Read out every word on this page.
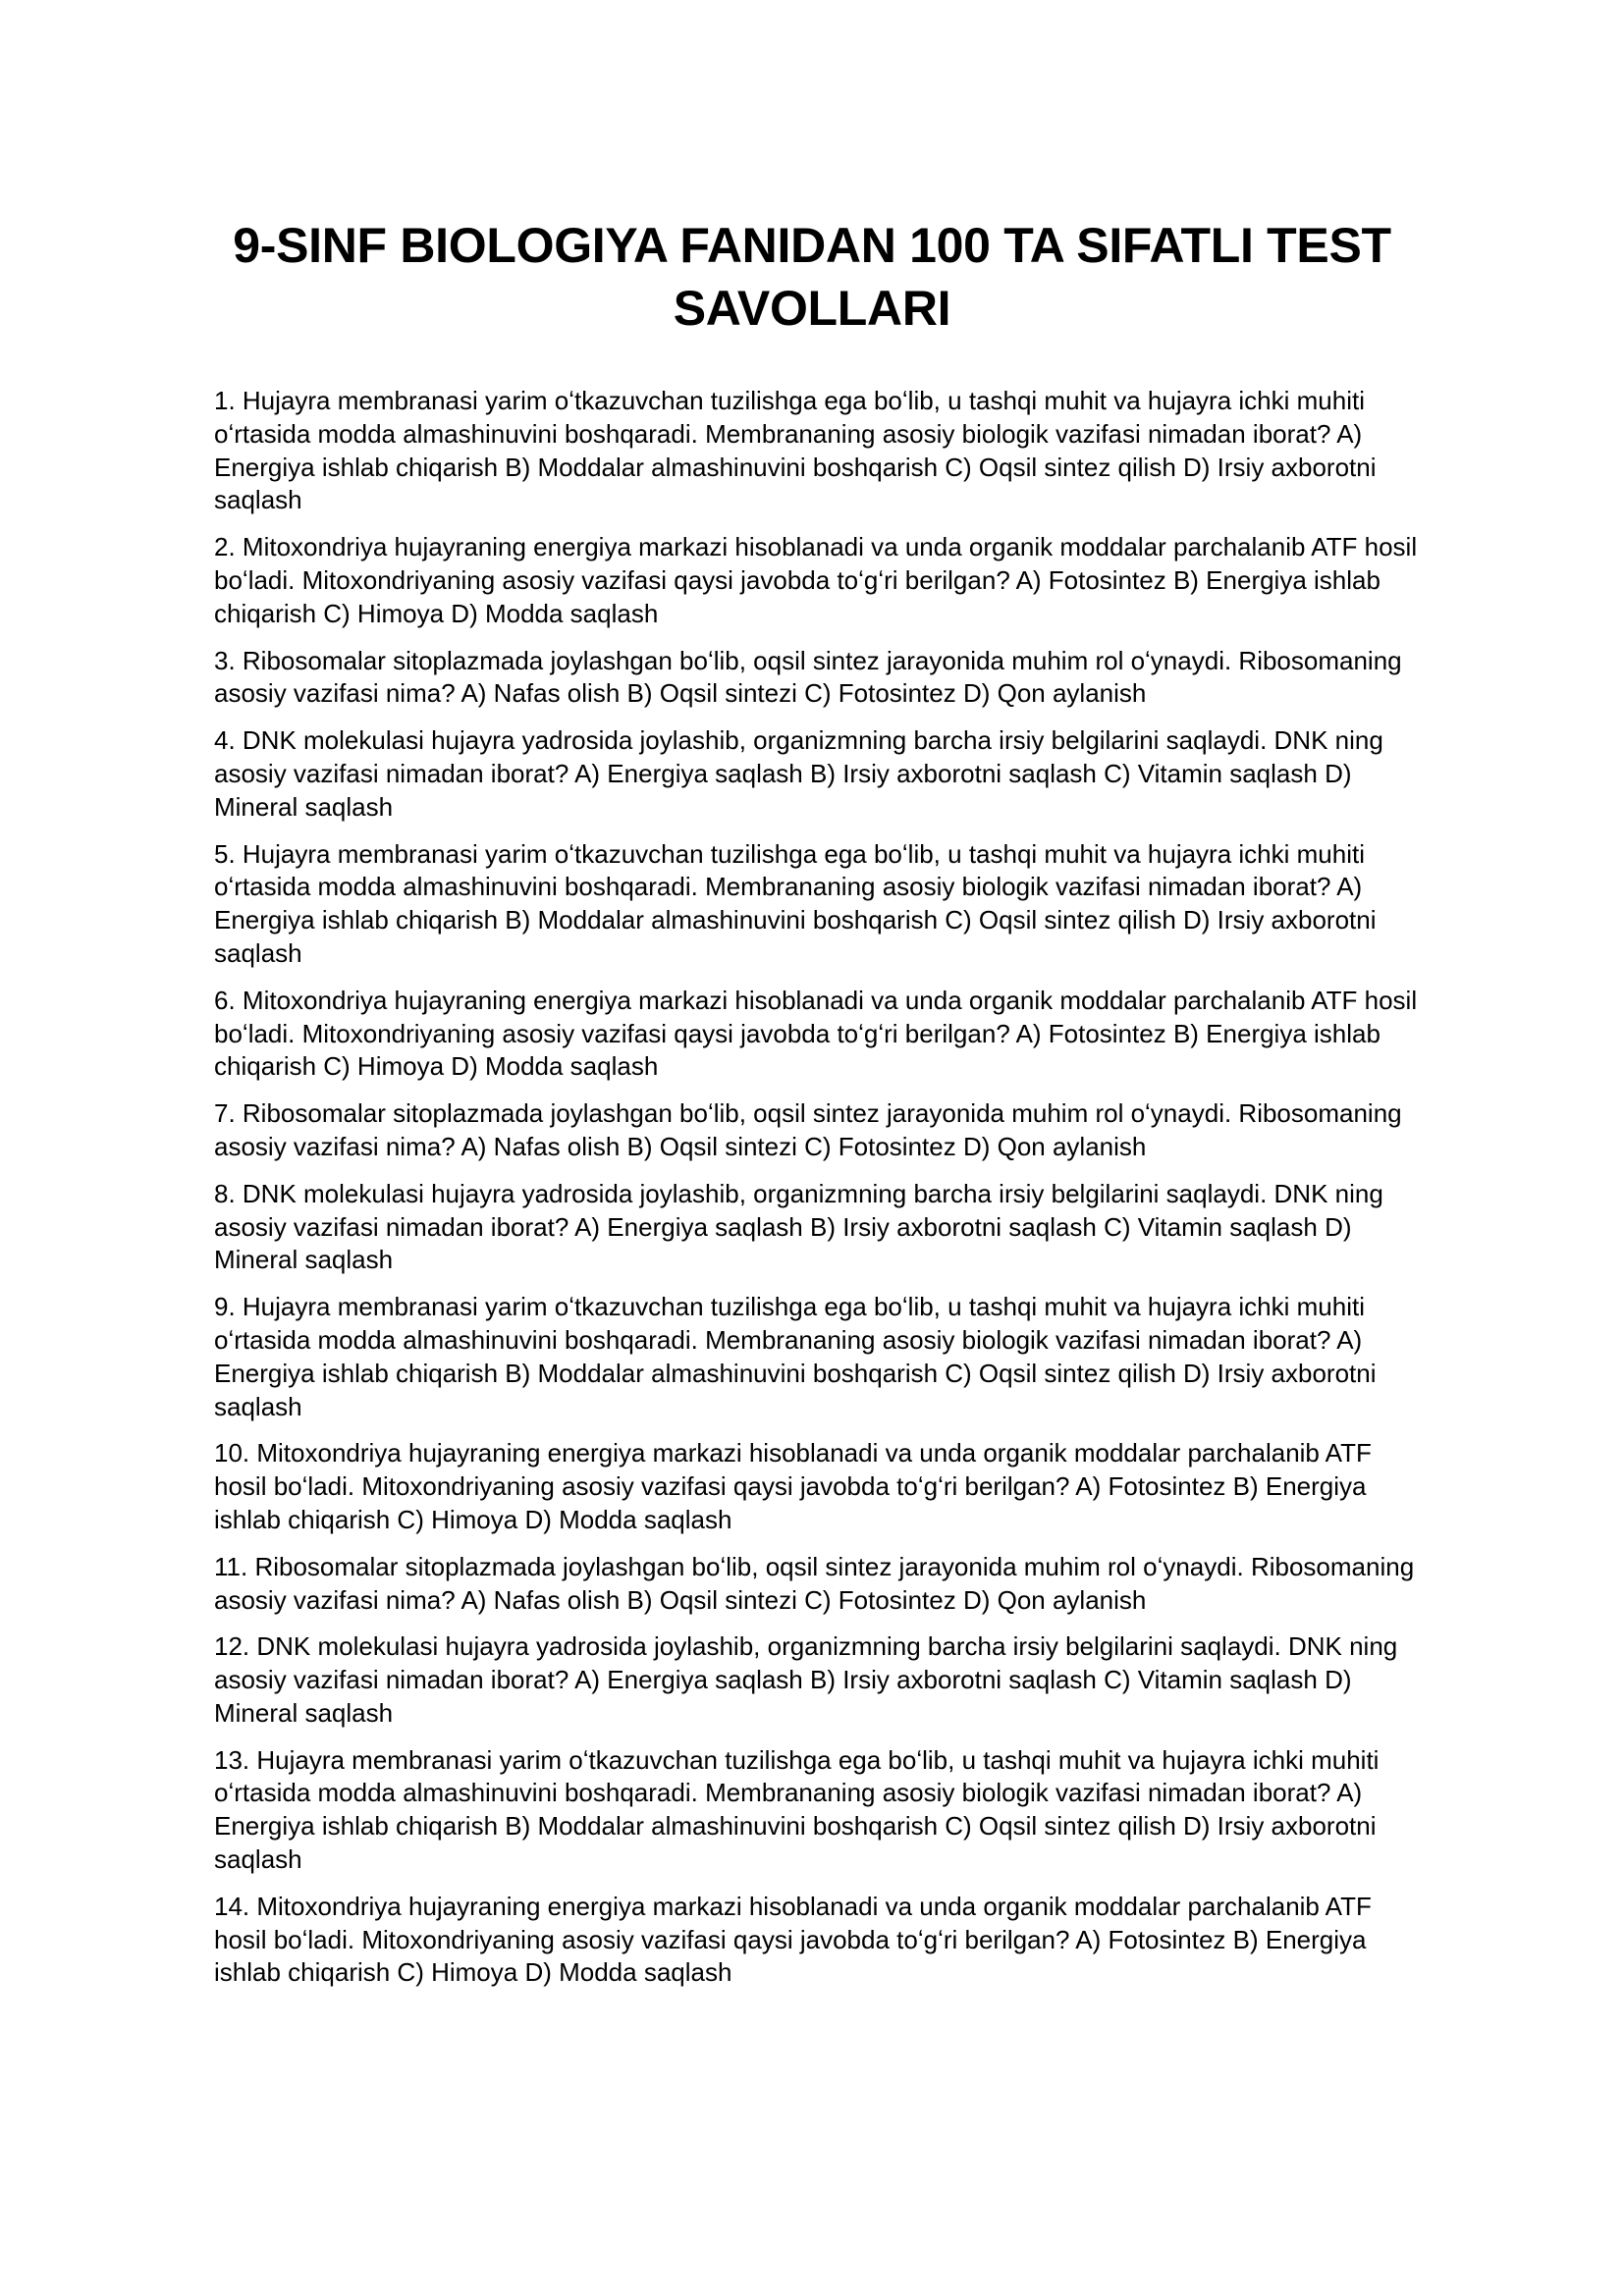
9-SINF BIOLOGIYA FANIDAN 100 TA SIFATLI TEST SAVOLLARI

1. Hujayra membranasi yarim oʻtkazuvchan tuzilishga ega boʻlib, u tashqi muhit va hujayra ichki muhiti oʻrtasida modda almashinuvini boshqaradi. Membrananing asosiy biologik vazifasi nimadan iborat? A) Energiya ishlab chiqarish B) Moddalar almashinuvini boshqarish C) Oqsil sintez qilish D) Irsiy axborotni saqlash

2. Mitoxondriya hujayraning energiya markazi hisoblanadi va unda organik moddalar parchalanib ATF hosil boʻladi. Mitoxondriyaning asosiy vazifasi qaysi javobda toʻgʻri berilgan? A) Fotosintez B) Energiya ishlab chiqarish C) Himoya D) Modda saqlash

3. Ribosomalar sitoplazmada joylashgan boʻlib, oqsil sintez jarayonida muhim rol oʻynaydi. Ribosomaning asosiy vazifasi nima? A) Nafas olish B) Oqsil sintezi C) Fotosintez D) Qon aylanish

4. DNK molekulasi hujayra yadrosida joylashib, organizmning barcha irsiy belgilarini saqlaydi. DNK ning asosiy vazifasi nimadan iborat? A) Energiya saqlash B) Irsiy axborotni saqlash C) Vitamin saqlash D) Mineral saqlash

5. Hujayra membranasi yarim oʻtkazuvchan tuzilishga ega boʻlib, u tashqi muhit va hujayra ichki muhiti oʻrtasida modda almashinuvini boshqaradi. Membrananing asosiy biologik vazifasi nimadan iborat? A) Energiya ishlab chiqarish B) Moddalar almashinuvini boshqarish C) Oqsil sintez qilish D) Irsiy axborotni saqlash

6. Mitoxondriya hujayraning energiya markazi hisoblanadi va unda organik moddalar parchalanib ATF hosil boʻladi. Mitoxondriyaning asosiy vazifasi qaysi javobda toʻgʻri berilgan? A) Fotosintez B) Energiya ishlab chiqarish C) Himoya D) Modda saqlash

7. Ribosomalar sitoplazmada joylashgan boʻlib, oqsil sintez jarayonida muhim rol oʻynaydi. Ribosomaning asosiy vazifasi nima? A) Nafas olish B) Oqsil sintezi C) Fotosintez D) Qon aylanish

8. DNK molekulasi hujayra yadrosida joylashib, organizmning barcha irsiy belgilarini saqlaydi. DNK ning asosiy vazifasi nimadan iborat? A) Energiya saqlash B) Irsiy axborotni saqlash C) Vitamin saqlash D) Mineral saqlash

9. Hujayra membranasi yarim oʻtkazuvchan tuzilishga ega boʻlib, u tashqi muhit va hujayra ichki muhiti oʻrtasida modda almashinuvini boshqaradi. Membrananing asosiy biologik vazifasi nimadan iborat? A) Energiya ishlab chiqarish B) Moddalar almashinuvini boshqarish C) Oqsil sintez qilish D) Irsiy axborotni saqlash

10. Mitoxondriya hujayraning energiya markazi hisoblanadi va unda organik moddalar parchalanib ATF hosil boʻladi. Mitoxondriyaning asosiy vazifasi qaysi javobda toʻgʻri berilgan? A) Fotosintez B) Energiya ishlab chiqarish C) Himoya D) Modda saqlash

11. Ribosomalar sitoplazmada joylashgan boʻlib, oqsil sintez jarayonida muhim rol oʻynaydi. Ribosomaning asosiy vazifasi nima? A) Nafas olish B) Oqsil sintezi C) Fotosintez D) Qon aylanish

12. DNK molekulasi hujayra yadrosida joylashib, organizmning barcha irsiy belgilarini saqlaydi. DNK ning asosiy vazifasi nimadan iborat? A) Energiya saqlash B) Irsiy axborotni saqlash C) Vitamin saqlash D) Mineral saqlash

13. Hujayra membranasi yarim oʻtkazuvchan tuzilishga ega boʻlib, u tashqi muhit va hujayra ichki muhiti oʻrtasida modda almashinuvini boshqaradi. Membrananing asosiy biologik vazifasi nimadan iborat? A) Energiya ishlab chiqarish B) Moddalar almashinuvini boshqarish C) Oqsil sintez qilish D) Irsiy axborotni saqlash

14. Mitoxondriya hujayraning energiya markazi hisoblanadi va unda organik moddalar parchalanib ATF hosil boʻladi. Mitoxondriyaning asosiy vazifasi qaysi javobda toʻgʻri berilgan? A) Fotosintez B) Energiya ishlab chiqarish C) Himoya D) Modda saqlash
